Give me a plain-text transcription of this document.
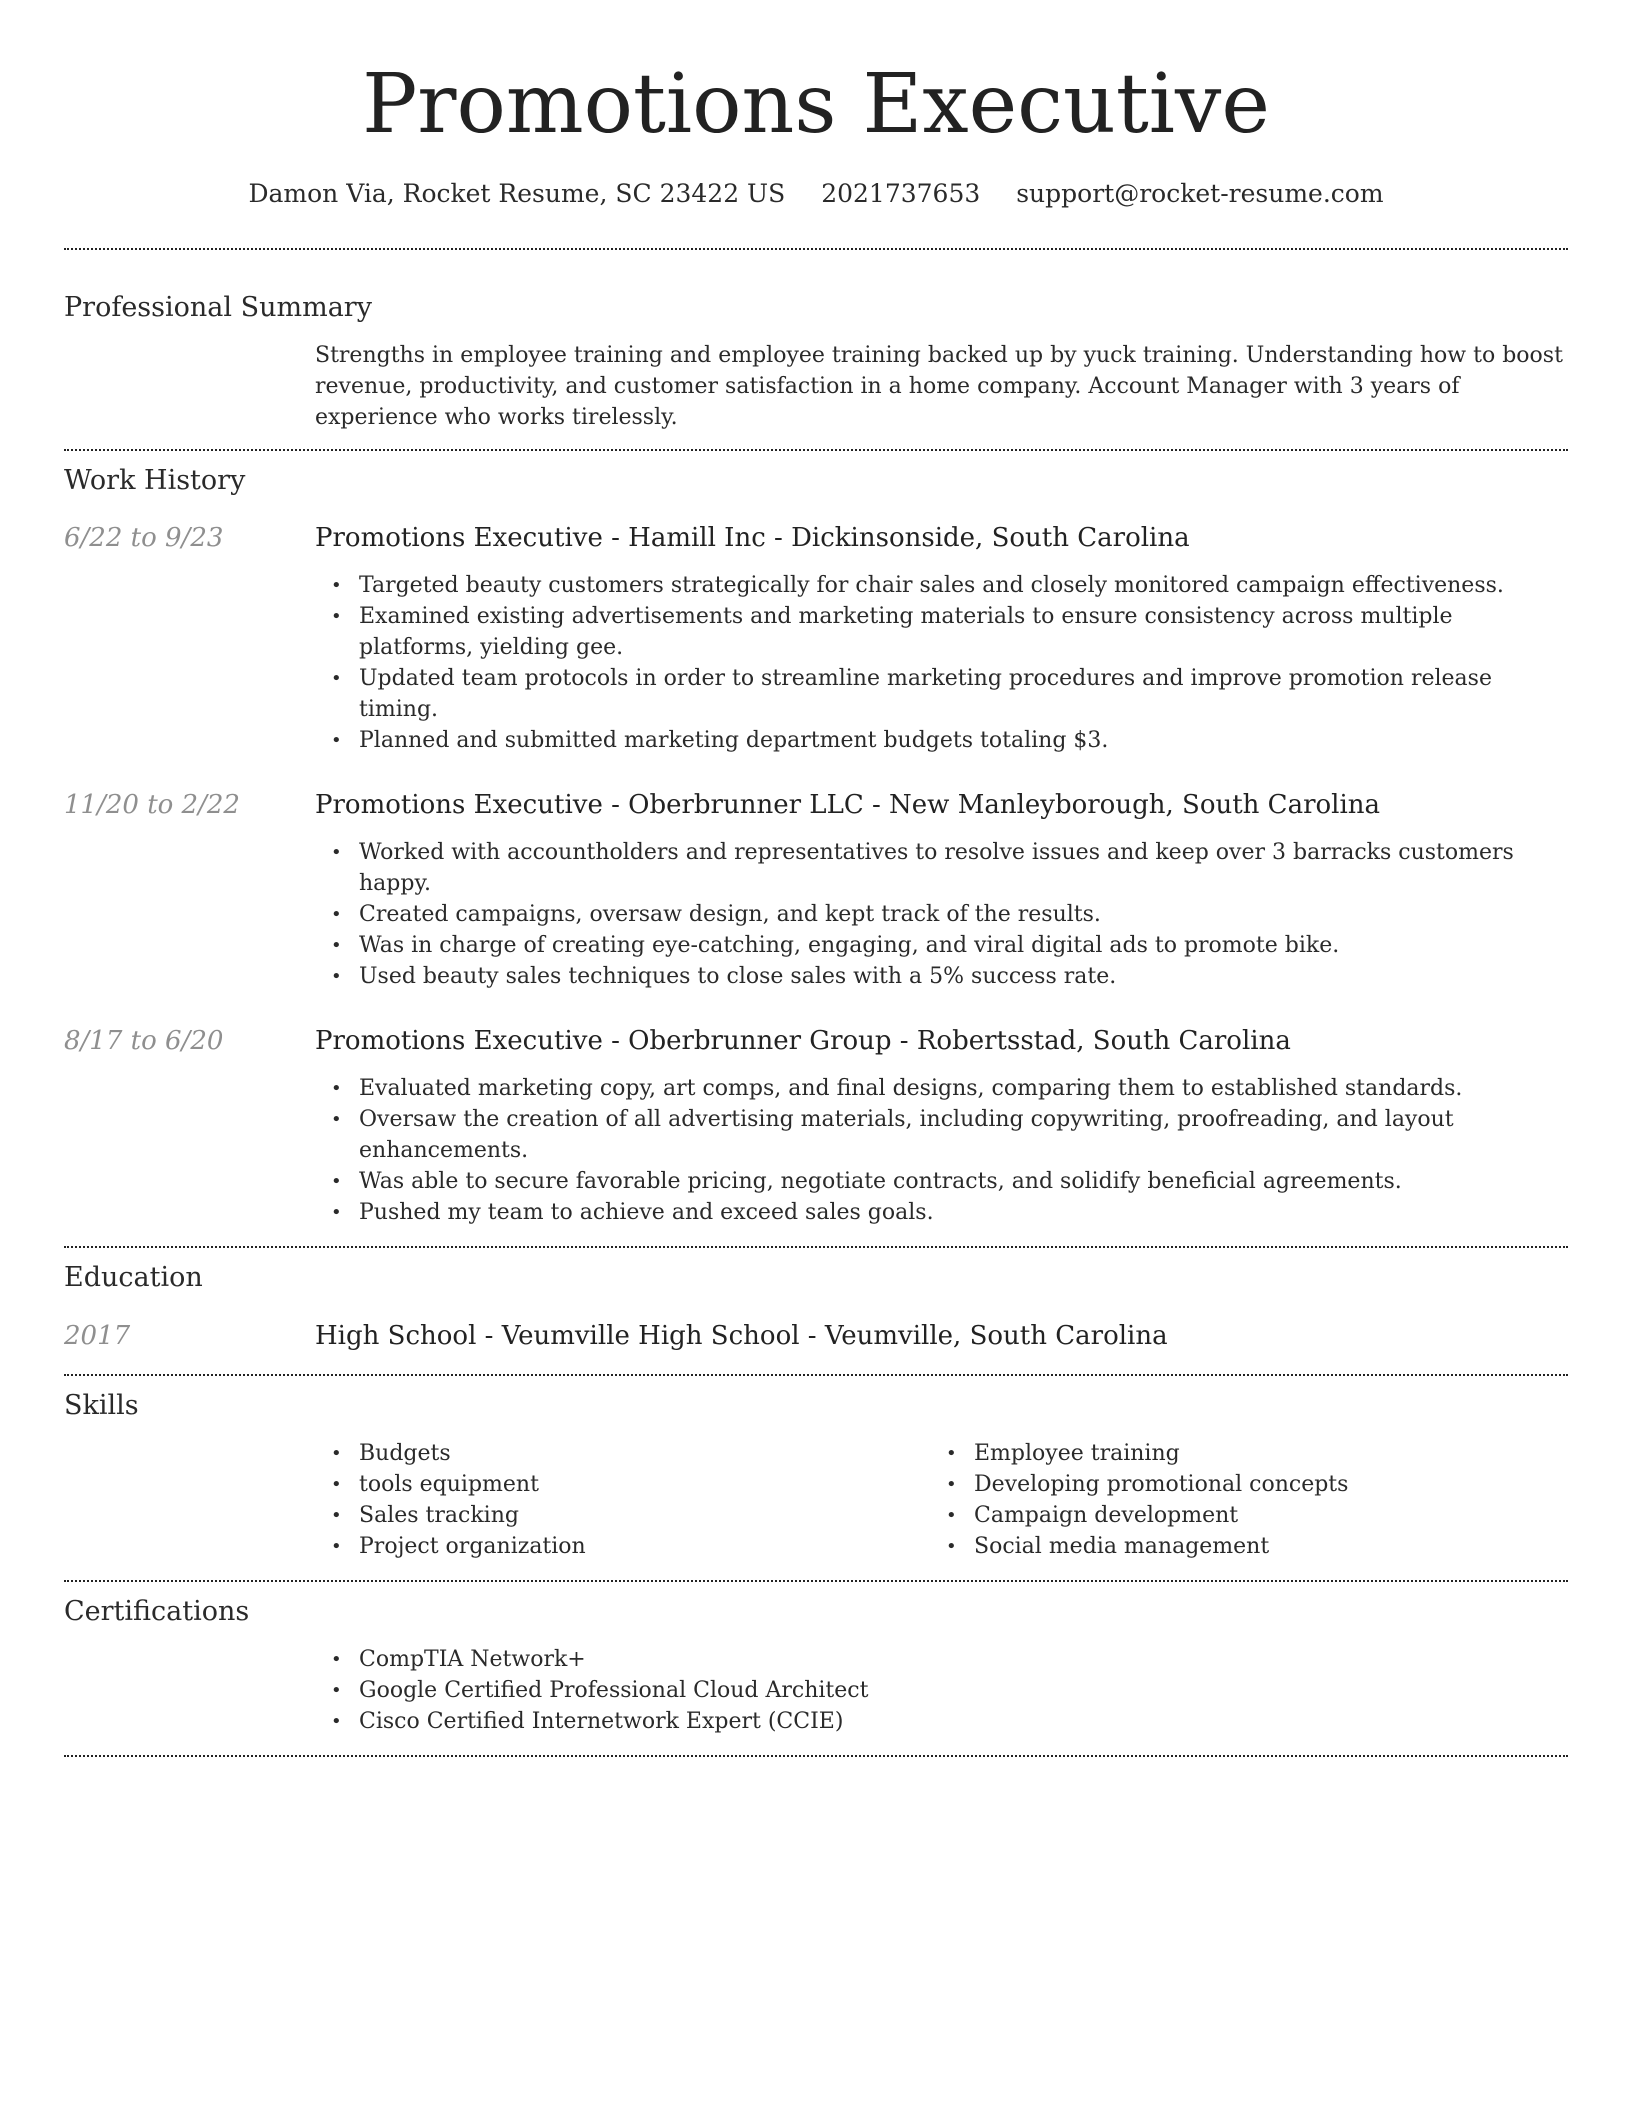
Promotions Executive
Damon Via, Rocket Resume, SC 23422 US 2021737653 support@rocket-resume.com
Professional Summary
Strengths in employee training and employee training backed up by yuck training. Understanding how to boost revenue, productivity, and customer satisfaction in a home company. Account Manager with 3 years of experience who works tirelessly.
Work History
6/22 to 9/23	Promotions Executive - Hamill Inc - Dickinsonside, South Carolina
• Targeted beauty customers strategically for chair sales and closely monitored campaign effectiveness.
• Examined existing advertisements and marketing materials to ensure consistency across multiple platforms, yielding gee.
• Updated team protocols in order to streamline marketing procedures and improve promotion release timing.
• Planned and submitted marketing department budgets totaling $3.
11/20 to 2/22	Promotions Executive - Oberbrunner LLC - New Manleyborough, South Carolina
• Worked with accountholders and representatives to resolve issues and keep over 3 barracks customers happy.
• Created campaigns, oversaw design, and kept track of the results.
• Was in charge of creating eye-catching, engaging, and viral digital ads to promote bike.
• Used beauty sales techniques to close sales with a 5% success rate.
8/17 to 6/20	Promotions Executive - Oberbrunner Group - Robertsstad, South Carolina
• Evaluated marketing copy, art comps, and final designs, comparing them to established standards.
• Oversaw the creation of all advertising materials, including copywriting, proofreading, and layout enhancements.
• Was able to secure favorable pricing, negotiate contracts, and solidify beneficial agreements.
• Pushed my team to achieve and exceed sales goals.
Education
2017	High School - Veumville High School - Veumville, South Carolina
Skills
• Budgets
• tools equipment
• Sales tracking
• Project organization
• Employee training
• Developing promotional concepts
• Campaign development
• Social media management
Certifications
• CompTIA Network+
• Google Certified Professional Cloud Architect
• Cisco Certified Internetwork Expert (CCIE)
